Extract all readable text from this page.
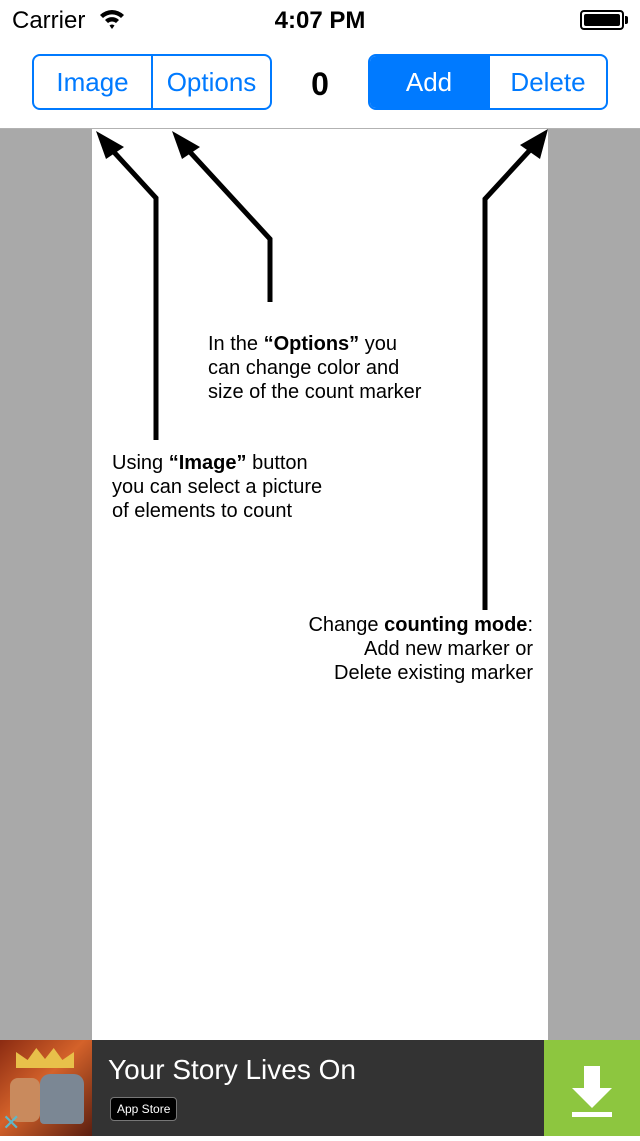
Carrier	4:07 PM
Image	Options	0	Add	Delete
In the “Options” you
can change color and
size of the count marker
Using “Image” button
you can select a picture
of elements to count
Change counting mode:
Add new marker or
Delete existing marker
Your Story Lives On
App Store
✕
